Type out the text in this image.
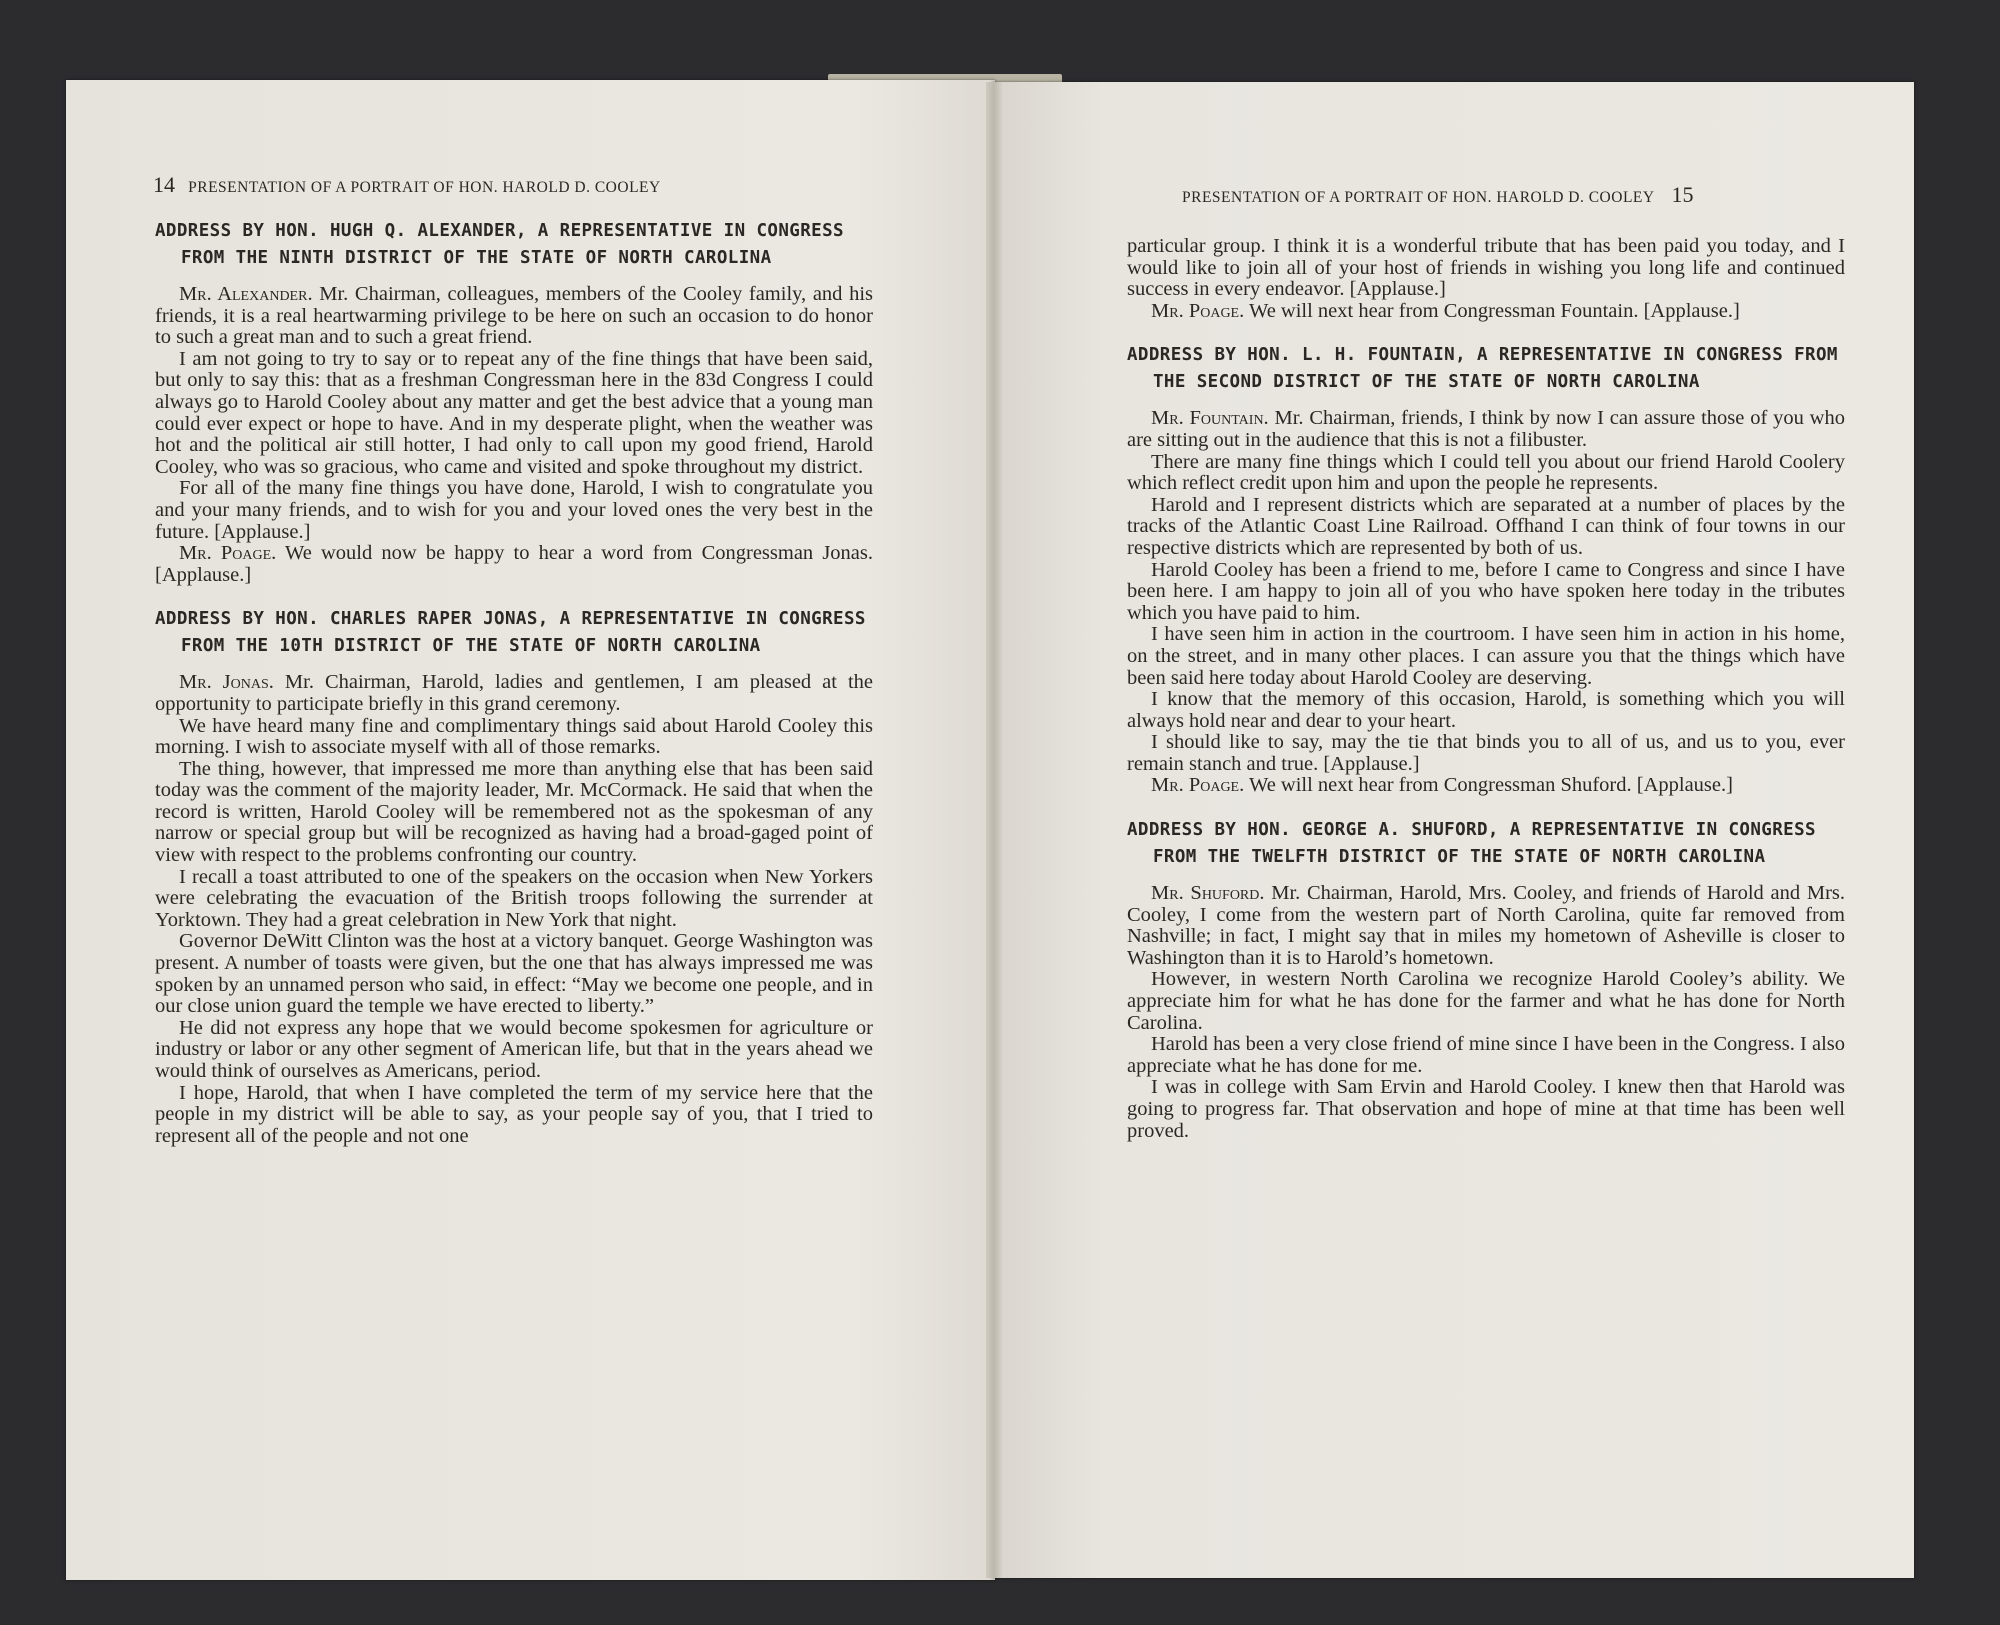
14 PRESENTATION OF A PORTRAIT OF HON. HAROLD D. COOLEY
PRESENTATION OF A PORTRAIT OF HON. HAROLD D. COOLEY 15
ADDRESS BY HON. HUGH Q. ALEXANDER, A REPRESENTATIVE IN CONGRESS FROM THE NINTH DISTRICT OF THE STATE OF NORTH CAROLINA

Mr. Alexander. Mr. Chairman, colleagues, members of the Cooley family, and his friends, it is a real heartwarming privilege to be here on such an occasion to do honor to such a great man and to such a great friend.

I am not going to try to say or to repeat any of the fine things that have been said, but only to say this: that as a freshman Congressman here in the 83d Congress I could always go to Harold Cooley about any matter and get the best advice that a young man could ever expect or hope to have. And in my desperate plight, when the weather was hot and the political air still hotter, I had only to call upon my good friend, Harold Cooley, who was so gracious, who came and visited and spoke throughout my district.

For all of the many fine things you have done, Harold, I wish to congratulate you and your many friends, and to wish for you and your loved ones the very best in the future. [Applause.]

Mr. Poage. We would now be happy to hear a word from Congressman Jonas. [Applause.]

ADDRESS BY HON. CHARLES RAPER JONAS, A REPRESENTATIVE IN CONGRESS FROM THE 10TH DISTRICT OF THE STATE OF NORTH CAROLINA

Mr. Jonas. Mr. Chairman, Harold, ladies and gentlemen, I am pleased at the opportunity to participate briefly in this grand ceremony.

We have heard many fine and complimentary things said about Harold Cooley this morning. I wish to associate myself with all of those remarks.

The thing, however, that impressed me more than anything else that has been said today was the comment of the majority leader, Mr. McCormack. He said that when the record is written, Harold Cooley will be remembered not as the spokesman of any narrow or special group but will be recognized as having had a broad-gaged point of view with respect to the problems confronting our country.

I recall a toast attributed to one of the speakers on the occasion when New Yorkers were celebrating the evacuation of the British troops following the surrender at Yorktown. They had a great celebration in New York that night.

Governor DeWitt Clinton was the host at a victory banquet. George Washington was present. A number of toasts were given, but the one that has always impressed me was spoken by an unnamed person who said, in effect: “May we become one people, and in our close union guard the temple we have erected to liberty.”

He did not express any hope that we would become spokesmen for agriculture or industry or labor or any other segment of American life, but that in the years ahead we would think of ourselves as Americans, period.

I hope, Harold, that when I have completed the term of my service here that the people in my district will be able to say, as your people say of you, that I tried to represent all of the people and not one

particular group. I think it is a wonderful tribute that has been paid you today, and I would like to join all of your host of friends in wishing you long life and continued success in every endeavor. [Applause.]

Mr. Poage. We will next hear from Congressman Fountain. [Applause.]

ADDRESS BY HON. L. H. FOUNTAIN, A REPRESENTATIVE IN CONGRESS FROM THE SECOND DISTRICT OF THE STATE OF NORTH CAROLINA

Mr. Fountain. Mr. Chairman, friends, I think by now I can assure those of you who are sitting out in the audience that this is not a filibuster.

There are many fine things which I could tell you about our friend Harold Coolery which reflect credit upon him and upon the people he represents.

Harold and I represent districts which are separated at a number of places by the tracks of the Atlantic Coast Line Railroad. Offhand I can think of four towns in our respective districts which are represented by both of us.

Harold Cooley has been a friend to me, before I came to Congress and since I have been here. I am happy to join all of you who have spoken here today in the tributes which you have paid to him.

I have seen him in action in the courtroom. I have seen him in action in his home, on the street, and in many other places. I can assure you that the things which have been said here today about Harold Cooley are deserving.

I know that the memory of this occasion, Harold, is something which you will always hold near and dear to your heart.

I should like to say, may the tie that binds you to all of us, and us to you, ever remain stanch and true. [Applause.]

Mr. Poage. We will next hear from Congressman Shuford. [Applause.]

ADDRESS BY HON. GEORGE A. SHUFORD, A REPRESENTATIVE IN CONGRESS FROM THE TWELFTH DISTRICT OF THE STATE OF NORTH CAROLINA

Mr. Shuford. Mr. Chairman, Harold, Mrs. Cooley, and friends of Harold and Mrs. Cooley, I come from the western part of North Carolina, quite far removed from Nashville; in fact, I might say that in miles my hometown of Asheville is closer to Washington than it is to Harold’s hometown.

However, in western North Carolina we recognize Harold Cooley’s ability. We appreciate him for what he has done for the farmer and what he has done for North Carolina.

Harold has been a very close friend of mine since I have been in the Congress. I also appreciate what he has done for me.

I was in college with Sam Ervin and Harold Cooley. I knew then that Harold was going to progress far. That observation and hope of mine at that time has been well proved.
